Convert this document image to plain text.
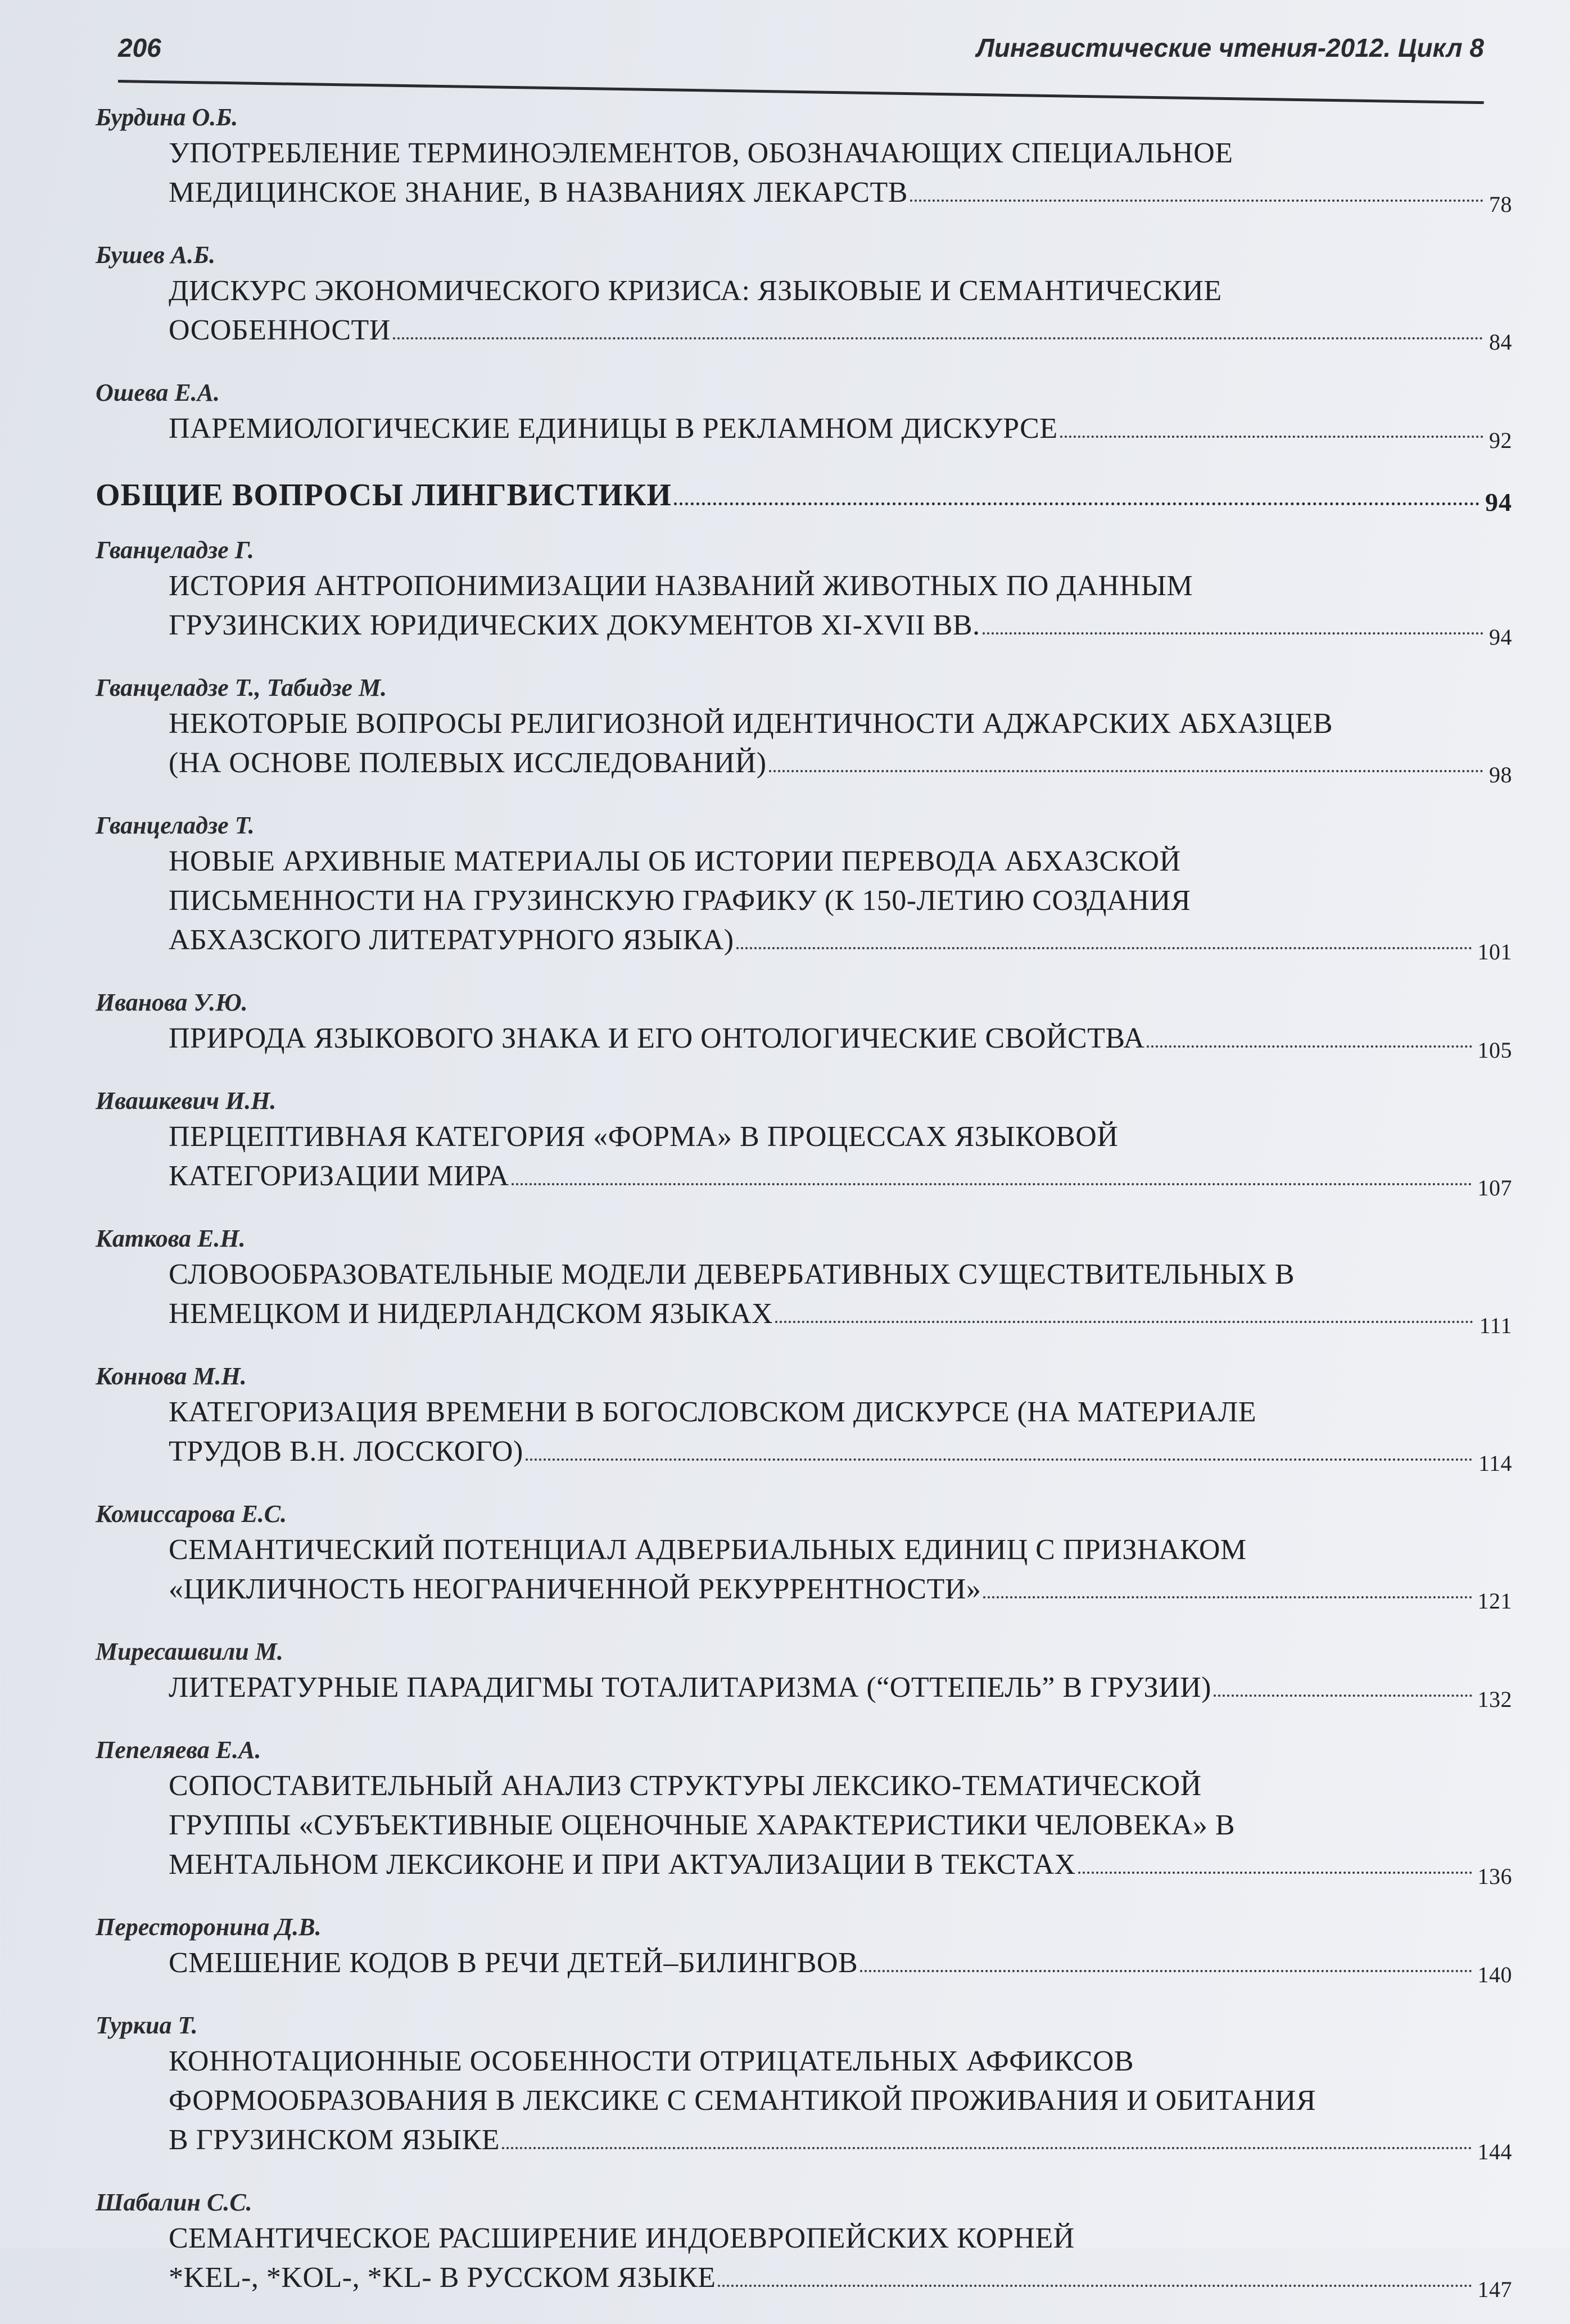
206	Лингвистические чтения-2012. Цикл 8
Бурдина О.Б.
УПОТРЕБЛЕНИЕ ТЕРМИНОЭЛЕМЕНТОВ, ОБОЗНАЧАЮЩИХ СПЕЦИАЛЬНОЕ
МЕДИЦИНСКОЕ ЗНАНИЕ, В НАЗВАНИЯХ ЛЕКАРСТВ	78
Бушев А.Б.
ДИСКУРС ЭКОНОМИЧЕСКОГО КРИЗИСА: ЯЗЫКОВЫЕ И СЕМАНТИЧЕСКИЕ
ОСОБЕННОСТИ	84
Ошева Е.А.
ПАРЕМИОЛОГИЧЕСКИЕ ЕДИНИЦЫ В РЕКЛАМНОМ ДИСКУРСЕ	92
ОБЩИЕ ВОПРОСЫ ЛИНГВИСТИКИ	94
Гванцеладзе Г.
ИСТОРИЯ АНТРОПОНИМИЗАЦИИ НАЗВАНИЙ ЖИВОТНЫХ ПО ДАННЫМ
ГРУЗИНСКИХ ЮРИДИЧЕСКИХ ДОКУМЕНТОВ XI-XVII ВВ.	94
Гванцеладзе Т., Табидзе М.
НЕКОТОРЫЕ ВОПРОСЫ РЕЛИГИОЗНОЙ ИДЕНТИЧНОСТИ АДЖАРСКИХ АБХАЗЦЕВ
(НА ОСНОВЕ ПОЛЕВЫХ ИССЛЕДОВАНИЙ)	98
Гванцеладзе Т.
НОВЫЕ АРХИВНЫЕ МАТЕРИАЛЫ ОБ ИСТОРИИ ПЕРЕВОДА АБХАЗСКОЙ
ПИСЬМЕННОСТИ НА ГРУЗИНСКУЮ ГРАФИКУ (К 150-ЛЕТИЮ СОЗДАНИЯ
АБХАЗСКОГО ЛИТЕРАТУРНОГО ЯЗЫКА)	101
Иванова У.Ю.
ПРИРОДА ЯЗЫКОВОГО ЗНАКА И ЕГО ОНТОЛОГИЧЕСКИЕ СВОЙСТВА	105
Ивашкевич И.Н.
ПЕРЦЕПТИВНАЯ КАТЕГОРИЯ «ФОРМА» В ПРОЦЕССАХ ЯЗЫКОВОЙ
КАТЕГОРИЗАЦИИ МИРА	107
Каткова Е.Н.
СЛОВООБРАЗОВАТЕЛЬНЫЕ МОДЕЛИ ДЕВЕРБАТИВНЫХ СУЩЕСТВИТЕЛЬНЫХ В
НЕМЕЦКОМ И НИДЕРЛАНДСКОМ ЯЗЫКАХ	111
Коннова М.Н.
КАТЕГОРИЗАЦИЯ ВРЕМЕНИ В БОГОСЛОВСКОМ ДИСКУРСЕ (НА МАТЕРИАЛЕ
ТРУДОВ В.Н. ЛОССКОГО)	114
Комиссарова Е.С.
СЕМАНТИЧЕСКИЙ ПОТЕНЦИАЛ АДВЕРБИАЛЬНЫХ ЕДИНИЦ С ПРИЗНАКОМ
«ЦИКЛИЧНОСТЬ НЕОГРАНИЧЕННОЙ РЕКУРРЕНТНОСТИ»	121
Миресашвили М.
ЛИТЕРАТУРНЫЕ ПАРАДИГМЫ ТОТАЛИТАРИЗМА (“ОТТЕПЕЛЬ” В ГРУЗИИ)	132
Пепеляева Е.А.
СОПОСТАВИТЕЛЬНЫЙ АНАЛИЗ СТРУКТУРЫ ЛЕКСИКО-ТЕМАТИЧЕСКОЙ
ГРУППЫ «СУБЪЕКТИВНЫЕ ОЦЕНОЧНЫЕ ХАРАКТЕРИСТИКИ ЧЕЛОВЕКА» В
МЕНТАЛЬНОМ ЛЕКСИКОНЕ И ПРИ АКТУАЛИЗАЦИИ В ТЕКСТАХ	136
Пересторонина Д.В.
СМЕШЕНИЕ КОДОВ В РЕЧИ ДЕТЕЙ–БИЛИНГВОВ	140
Туркиа Т.
КОННОТАЦИОННЫЕ ОСОБЕННОСТИ ОТРИЦАТЕЛЬНЫХ АФФИКСОВ
ФОРМООБРАЗОВАНИЯ В ЛЕКСИКЕ С СЕМАНТИКОЙ ПРОЖИВАНИЯ И ОБИТАНИЯ
В ГРУЗИНСКОМ ЯЗЫКЕ	144
Шабалин С.С.
СЕМАНТИЧЕСКОЕ РАСШИРЕНИЕ ИНДОЕВРОПЕЙСКИХ КОРНЕЙ
*KEL-, *KOL-, *KL- В РУССКОМ ЯЗЫКЕ	147
